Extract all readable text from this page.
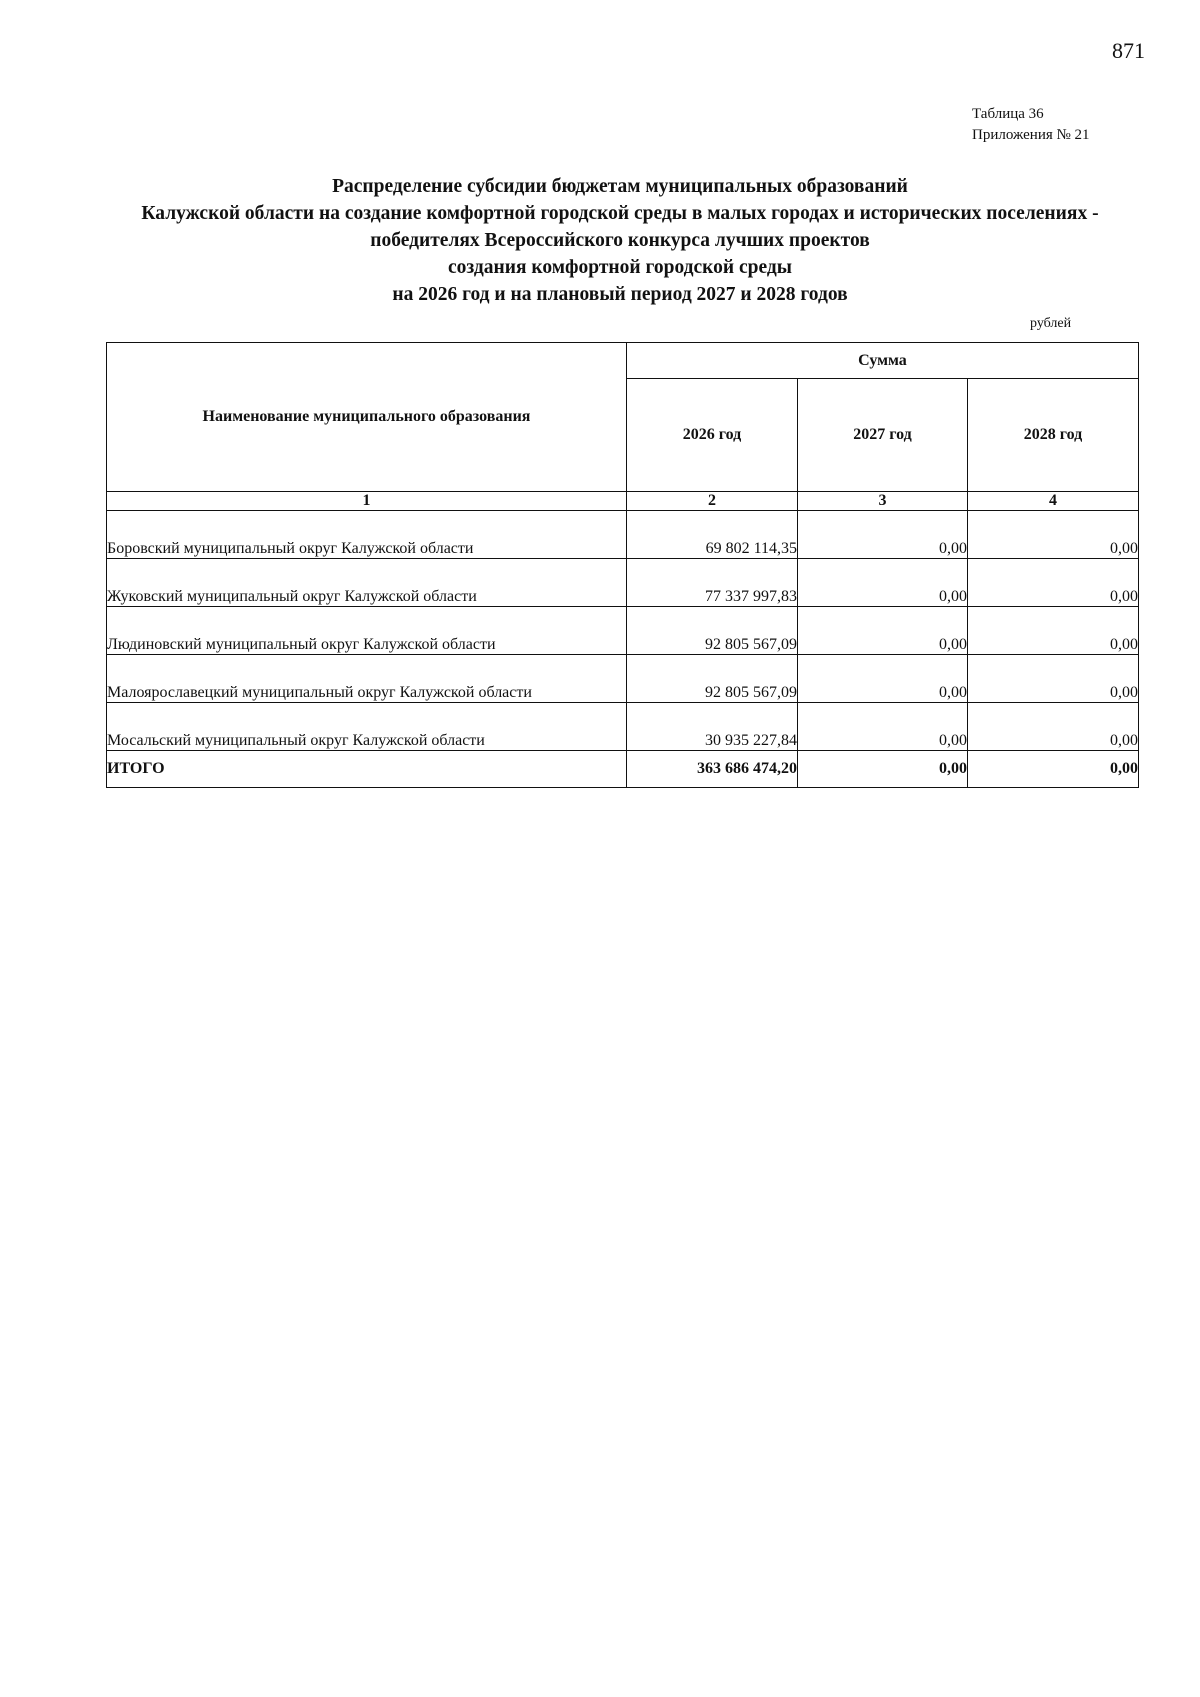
871
Таблица 36
Приложения № 21
Распределение субсидии бюджетам муниципальных образований
Калужской области на создание комфортной городской среды в малых городах и исторических поселениях -
победителях Всероссийского конкурса лучших проектов
создания комфортной городской среды
на 2026 год и на плановый период 2027 и 2028 годов
рублей
Наименование муниципального образования	Сумма		
	2026 год	2027 год	2028 год
1	2	3	4
Боровский муниципальный округ Калужской области	69 802 114,35	0,00	0,00
Жуковский муниципальный округ Калужской области	77 337 997,83	0,00	0,00
Людиновский муниципальный округ Калужской области	92 805 567,09	0,00	0,00
Малоярославецкий муниципальный округ Калужской области	92 805 567,09	0,00	0,00
Мосальский муниципальный округ Калужской области	30 935 227,84	0,00	0,00
ИТОГО	363 686 474,20	0,00	0,00
